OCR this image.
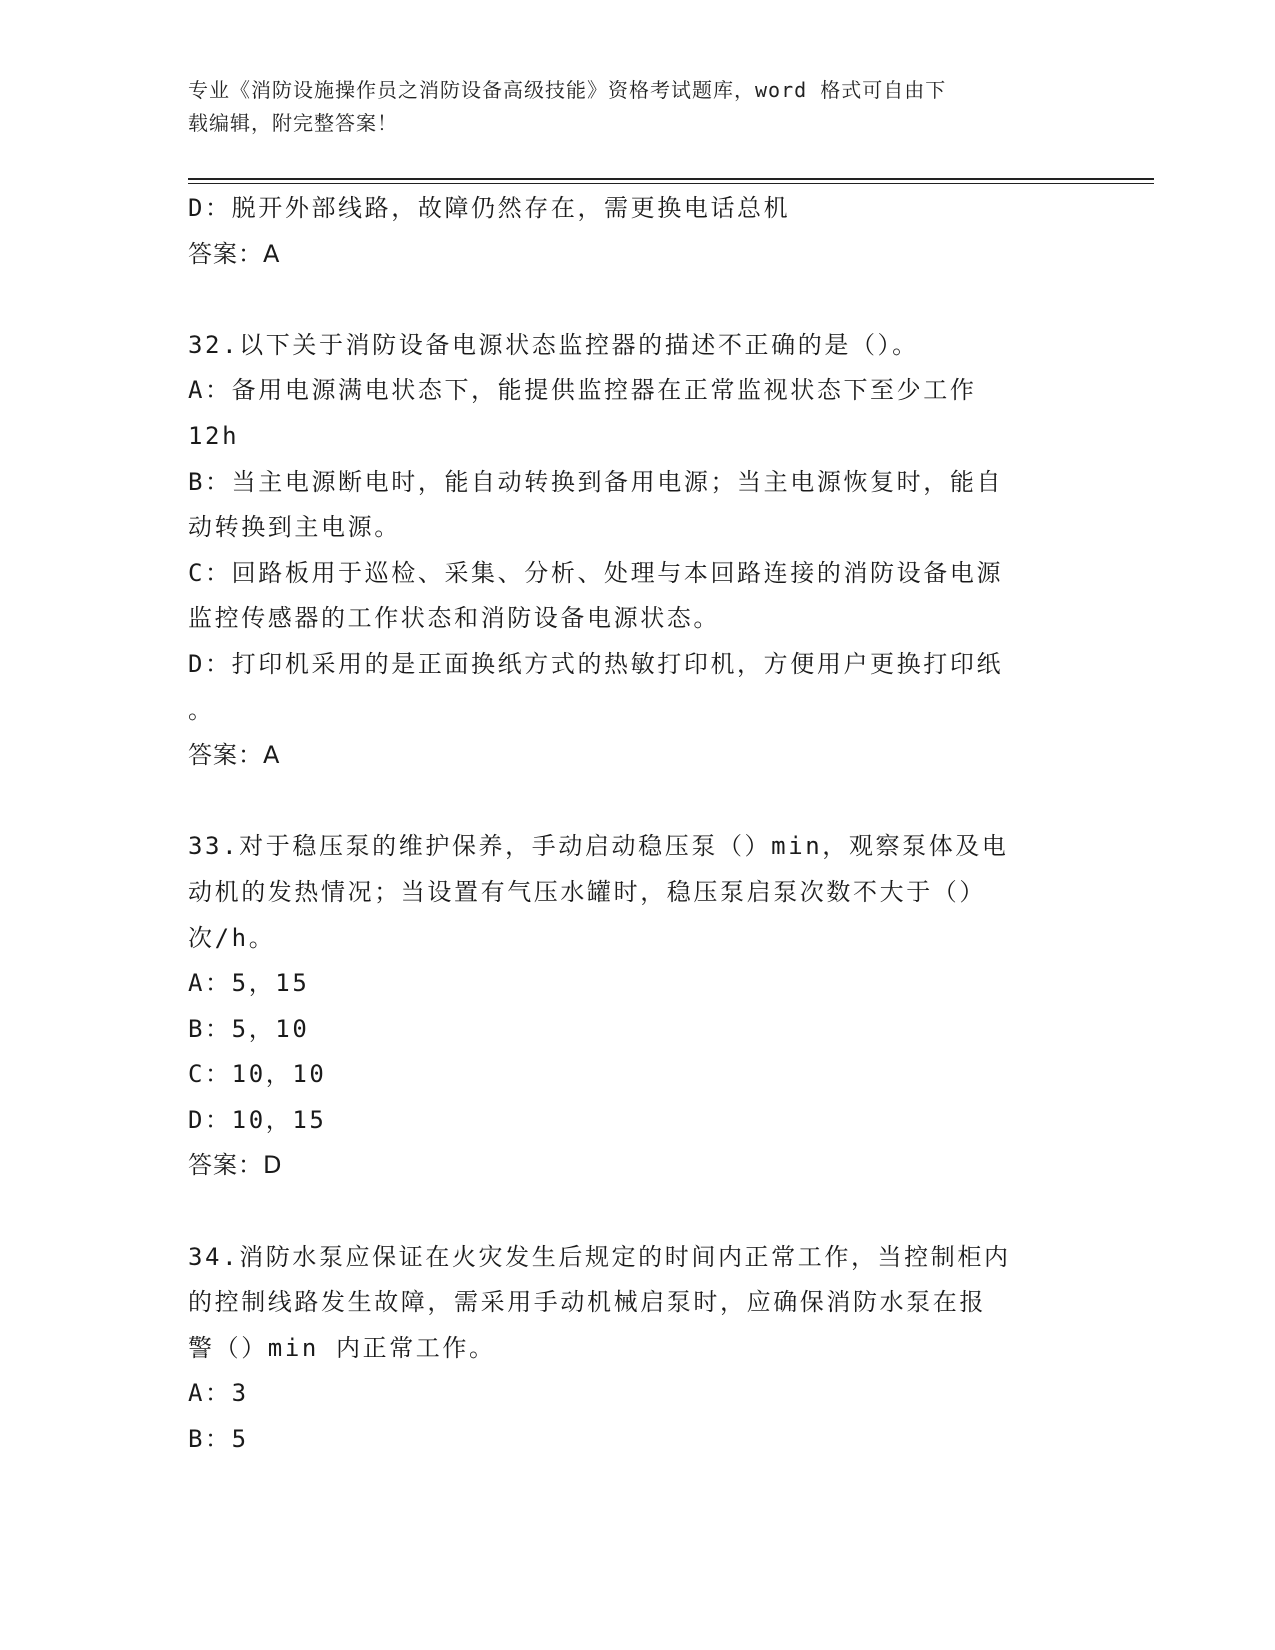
专业《消防设施操作员之消防设备高级技能》资格考试题库，word 格式可自由下
载编辑，附完整答案！
D：脱开外部线路，故障仍然存在，需更换电话总机
答案：A
32.以下关于消防设备电源状态监控器的描述不正确的是（）。
A：备用电源满电状态下，能提供监控器在正常监视状态下至少工作
12h
B：当主电源断电时，能自动转换到备用电源；当主电源恢复时，能自
动转换到主电源。
C：回路板用于巡检、采集、分析、处理与本回路连接的消防设备电源
监控传感器的工作状态和消防设备电源状态。
D：打印机采用的是正面换纸方式的热敏打印机，方便用户更换打印纸
。
答案：A
33.对于稳压泵的维护保养，手动启动稳压泵（）min，观察泵体及电
动机的发热情况；当设置有气压水罐时，稳压泵启泵次数不大于（）
次/h。
A：5，15
B：5，10
C：10，10
D：10，15
答案：D
34.消防水泵应保证在火灾发生后规定的时间内正常工作，当控制柜内
的控制线路发生故障，需采用手动机械启泵时，应确保消防水泵在报
警（）min 内正常工作。
A：3
B：5
